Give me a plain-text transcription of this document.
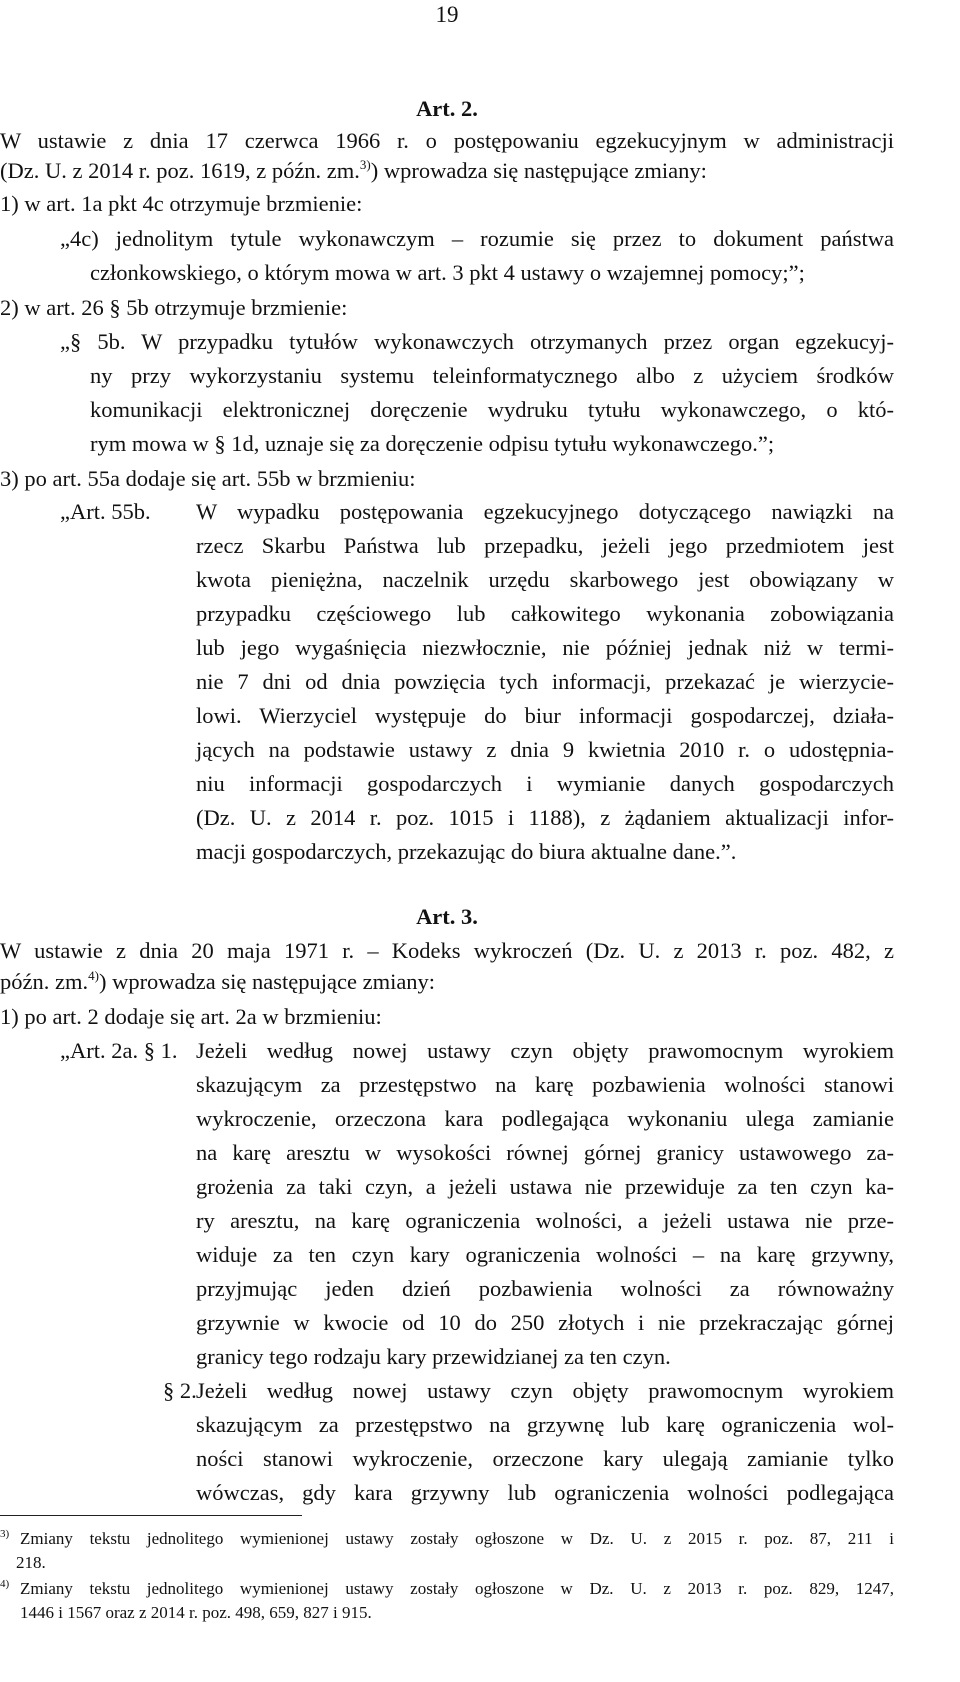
19
Art. 2.
W ustawie z dnia 17 czerwca 1966 r. o postępowaniu egzekucyjnym w administracji
(Dz. U. z 2014 r. poz. 1619, z późn. zm.$^{3)}$) wprowadza się następujące zmiany:
1) w art. 1a pkt 4c otrzymuje brzmienie:
„4c) jednolitym tytule wykonawczym – rozumie się przez to dokument państwa
członkowskiego, o którym mowa w art. 3 pkt 4 ustawy o wzajemnej pomocy;”;
2) w art. 26 § 5b otrzymuje brzmienie:
„§ 5b. W przypadku tytułów wykonawczych otrzymanych przez organ egzekucyj-
ny przy wykorzystaniu systemu teleinformatycznego albo z użyciem środków
komunikacji elektronicznej doręczenie wydruku tytułu wykonawczego, o któ-
rym mowa w § 1d, uznaje się za doręczenie odpisu tytułu wykonawczego.”;
3) po art. 55a dodaje się art. 55b w brzmieniu:
„Art. 55b. W wypadku postępowania egzekucyjnego dotyczącego nawiązki na
rzecz Skarbu Państwa lub przepadku, jeżeli jego przedmiotem jest
kwota pieniężna, naczelnik urzędu skarbowego jest obowiązany w
przypadku częściowego lub całkowitego wykonania zobowiązania
lub jego wygaśnięcia niezwłocznie, nie później jednak niż w termi-
nie 7 dni od dnia powzięcia tych informacji, przekazać je wierzycie-
lowi. Wierzyciel występuje do biur informacji gospodarczej, działa-
jących na podstawie ustawy z dnia 9 kwietnia 2010 r. o udostępnia-
niu informacji gospodarczych i wymianie danych gospodarczych
(Dz. U. z 2014 r. poz. 1015 i 1188), z żądaniem aktualizacji infor-
macji gospodarczych, przekazując do biura aktualne dane.”.
Art. 3.
W ustawie z dnia 20 maja 1971 r. – Kodeks wykroczeń (Dz. U. z 2013 r. poz. 482, z
późn. zm.$^{4)}$) wprowadza się następujące zmiany:
1) po art. 2 dodaje się art. 2a w brzmieniu:
„Art. 2a. § 1. Jeżeli według nowej ustawy czyn objęty prawomocnym wyrokiem
skazującym za przestępstwo na karę pozbawienia wolności stanowi
wykroczenie, orzeczona kara podlegająca wykonaniu ulega zamianie
na karę aresztu w wysokości równej górnej granicy ustawowego za-
grożenia za taki czyn, a jeżeli ustawa nie przewiduje za ten czyn ka-
ry aresztu, na karę ograniczenia wolności, a jeżeli ustawa nie prze-
widuje za ten czyn kary ograniczenia wolności – na karę grzywny,
przyjmując jeden dzień pozbawienia wolności za równoważny
grzywnie w kwocie od 10 do 250 złotych i nie przekraczając górnej
granicy tego rodzaju kary przewidzianej za ten czyn.
§ 2. Jeżeli według nowej ustawy czyn objęty prawomocnym wyrokiem
skazującym za przestępstwo na grzywnę lub karę ograniczenia wol-
ności stanowi wykroczenie, orzeczone kary ulegają zamianie tylko
wówczas, gdy kara grzywny lub ograniczenia wolności podlegająca
$^{3)}$ Zmiany tekstu jednolitego wymienionej ustawy zostały ogłoszone w Dz. U. z 2015 r. poz. 87, 211 i
218.
$^{4)}$ Zmiany tekstu jednolitego wymienionej ustawy zostały ogłoszone w Dz. U. z 2013 r. poz. 829, 1247,
1446 i 1567 oraz z 2014 r. poz. 498, 659, 827 i 915.
